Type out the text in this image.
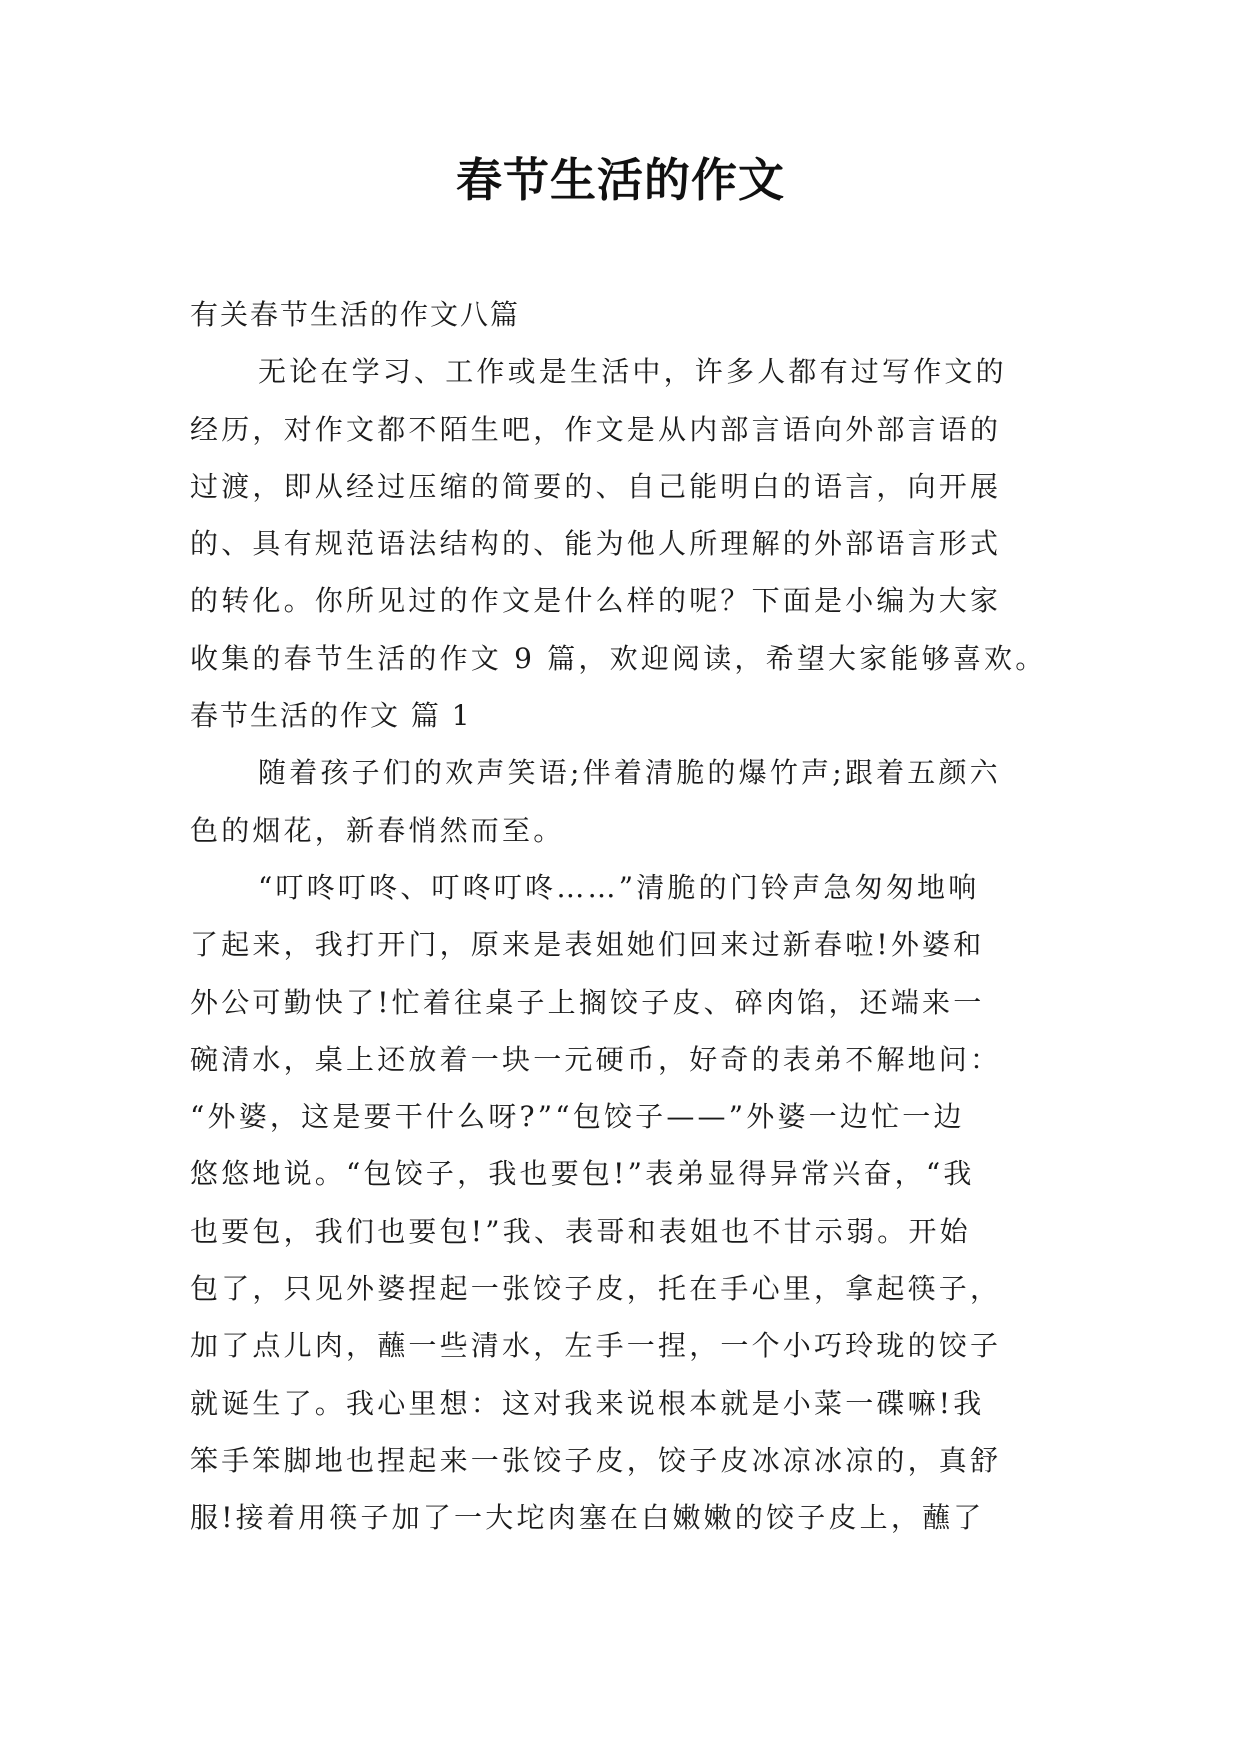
春节生活的作文
有关春节生活的作文八篇
无论在学习、工作或是生活中，许多人都有过写作文的
经历，对作文都不陌生吧，作文是从内部言语向外部言语的
过渡，即从经过压缩的简要的、自己能明白的语言，向开展
的、具有规范语法结构的、能为他人所理解的外部语言形式
的转化。你所见过的作文是什么样的呢？下面是小编为大家
收集的春节生活的作文 9 篇，欢迎阅读，希望大家能够喜欢。
春节生活的作文 篇 1
随着孩子们的欢声笑语;伴着清脆的爆竹声;跟着五颜六
色的烟花，新春悄然而至。
“叮咚叮咚、叮咚叮咚……”清脆的门铃声急匆匆地响
了起来，我打开门，原来是表姐她们回来过新春啦!外婆和
外公可勤快了!忙着往桌子上搁饺子皮、碎肉馅，还端来一
碗清水，桌上还放着一块一元硬币，好奇的表弟不解地问：
“外婆，这是要干什么呀?”“包饺子——”外婆一边忙一边
悠悠地说。“包饺子，我也要包!”表弟显得异常兴奋，“我
也要包，我们也要包!”我、表哥和表姐也不甘示弱。开始
包了，只见外婆捏起一张饺子皮，托在手心里，拿起筷子，
加了点儿肉，蘸一些清水，左手一捏，一个小巧玲珑的饺子
就诞生了。我心里想：这对我来说根本就是小菜一碟嘛!我
笨手笨脚地也捏起来一张饺子皮，饺子皮冰凉冰凉的，真舒
服!接着用筷子加了一大坨肉塞在白嫩嫩的饺子皮上，蘸了
